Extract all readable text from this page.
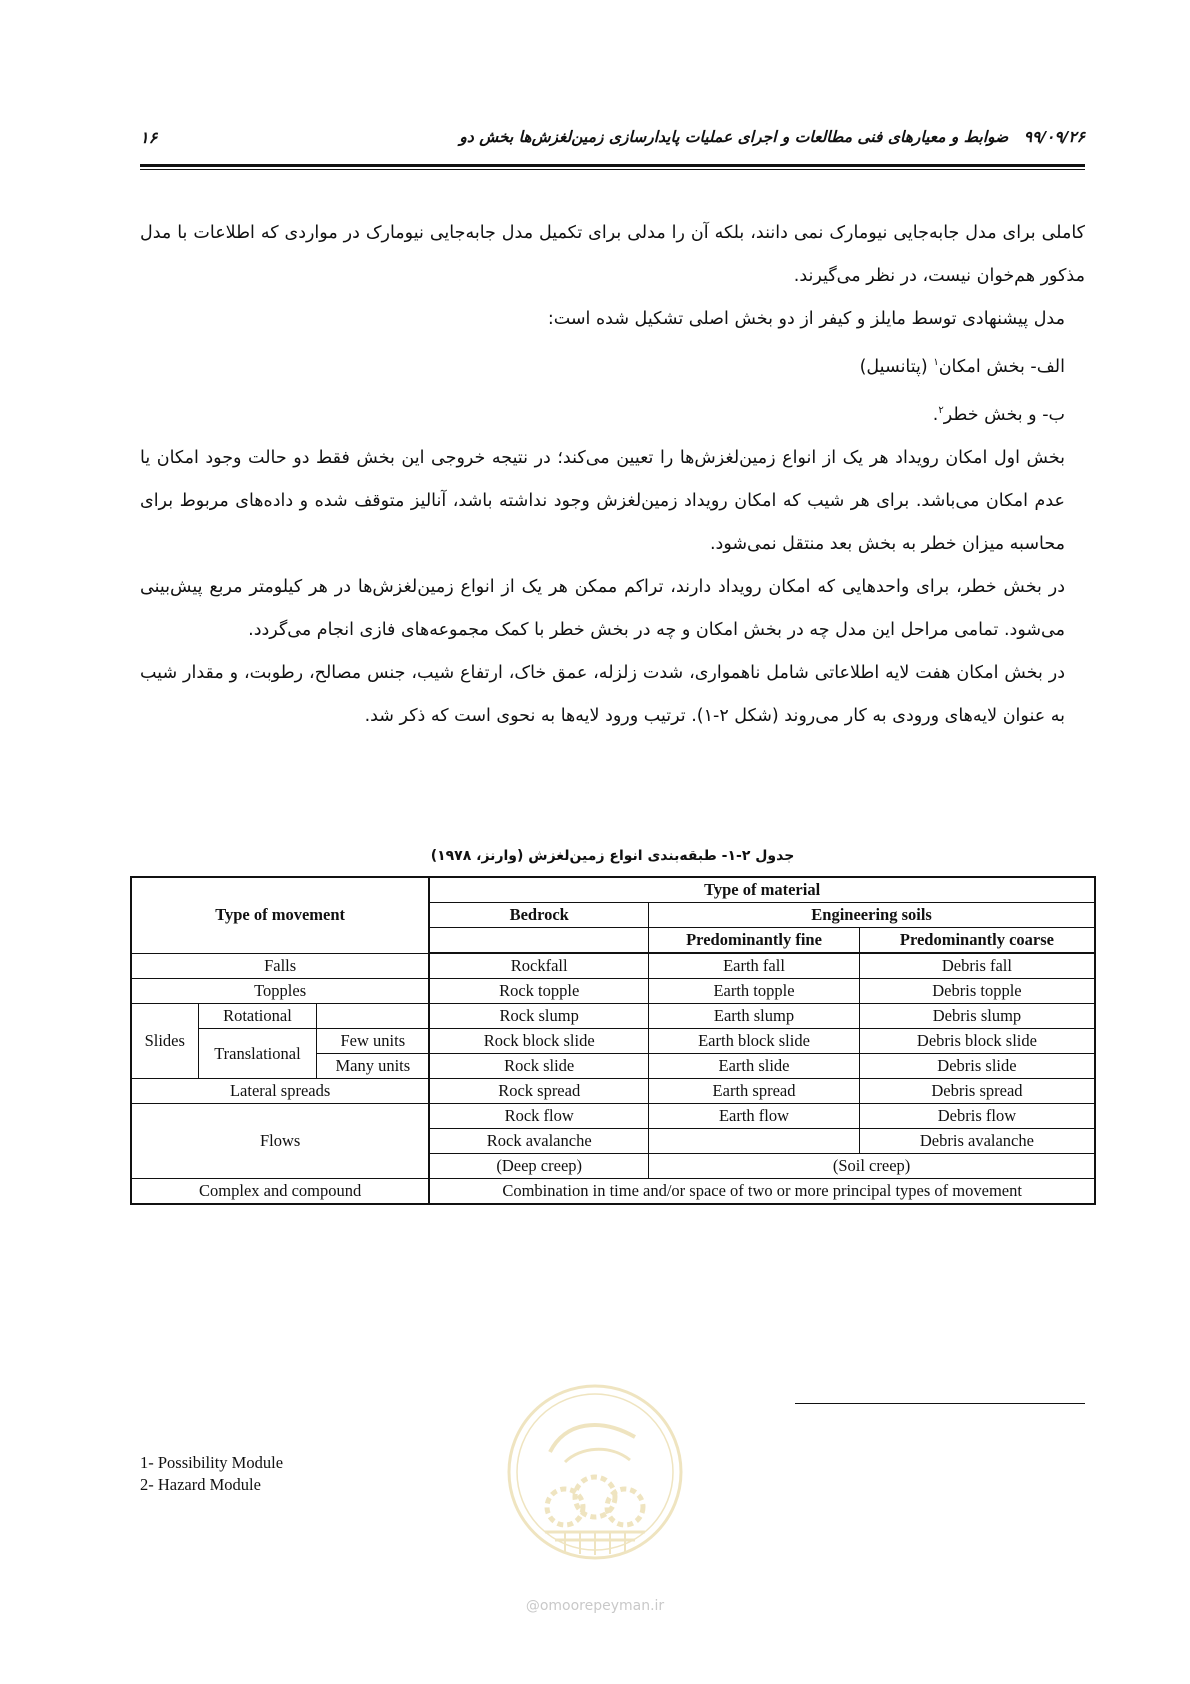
۹۹/۰۹/۲۶ ضوابط و معیارهای فنی مطالعات و اجرای عملیات پایدارسازی زمین‌لغزش‌ها بخش دو
۱۶

کاملی برای مدل جابه‌جایی نیومارک نمی دانند، بلکه آن را مدلی برای تکمیل مدل جابه‌جایی نیومارک در مواردی که اطلاعات با مدل مذکور هم‌خوان نیست، در نظر می‌گیرند.

مدل پیشنهادی توسط مایلز و کیفر از دو بخش اصلی تشکیل شده است:

الف- بخش امکان$^۱$ (پتانسیل)

ب- و بخش خطر$^۲$.

بخش اول امکان رویداد هر یک از انواع زمین‌لغزش‌ها را تعیین می‌کند؛ در نتیجه خروجی این بخش فقط دو حالت وجود امکان یا عدم امکان می‌باشد. برای هر شیب که امکان رویداد زمین‌لغزش وجود نداشته باشد، آنالیز متوقف شده و داده‌های مربوط برای محاسبه میزان خطر به بخش بعد منتقل نمی‌شود.

در بخش خطر، برای واحدهایی که امکان رویداد دارند، تراکم ممکن هر یک از انواع زمین‌لغزش‌ها در هر کیلومتر مربع پیش‌بینی می‌شود. تمامی مراحل این مدل چه در بخش امکان و چه در بخش خطر با کمک مجموعه‌های فازی انجام می‌گردد.

در بخش امکان هفت لایه اطلاعاتی شامل ناهمواری، شدت زلزله، عمق خاک، ارتفاع شیب، جنس مصالح، رطوبت، و مقدار شیب به عنوان لایه‌های ورودی به کار می‌روند (شکل ۲-۱). ترتیب ورود لایه‌ها به نحوی است که ذکر شد.

جدول ۲-۱- طبقه‌بندی انواع زمین‌لغزش (وارنز، ۱۹۷۸)
Type of movement			Type of material		
			Bedrock	Engineering soils	
				Predominantly fine	Predominantly coarse
Falls			Rockfall	Earth fall	Debris fall
Topples			Rock topple	Earth topple	Debris topple
Slides	Rotational		Rock slump	Earth slump	Debris slump
	Translational	Few units	Rock block slide	Earth block slide	Debris block slide
		Many units	Rock slide	Earth slide	Debris slide
Lateral spreads			Rock spread	Earth spread	Debris spread
Flows			Rock flow	Earth flow	Debris flow
			Rock avalanche		Debris avalanche
			(Deep creep)	(Soil creep)	
Complex and compound			Combination in time and/or space of two or more principal types of movement		
1- Possibility Module
2- Hazard Module
@omoorepeyman.ir
